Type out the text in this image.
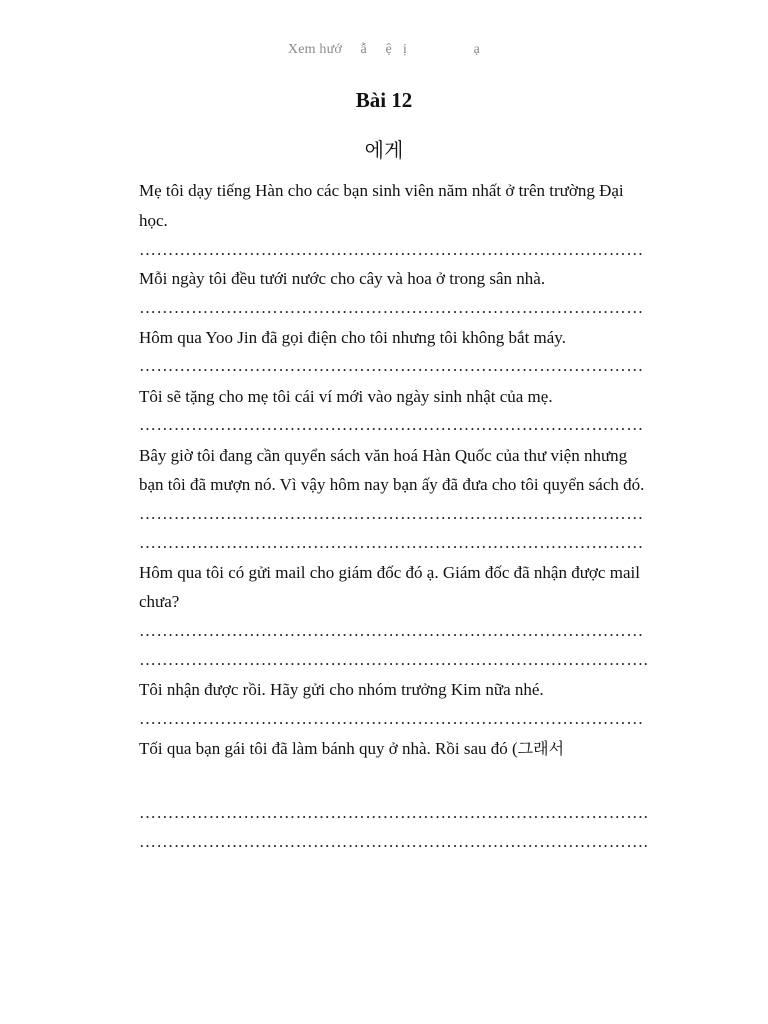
Xem hướ     ẫ     ệ   ị                  ạ
Bài 12
에게
Mẹ tôi dạy tiếng Hàn cho các bạn sinh viên năm nhất ở trên trường Đại
học.
……………………………………………………………………………
Mỗi ngày tôi đều tưới nước cho cây và hoa ở trong sân nhà.
……………………………………………………………………………
Hôm qua Yoo Jin đã gọi điện cho tôi nhưng tôi không bắt máy.
……………………………………………………………………………
Tôi sẽ tặng cho mẹ tôi cái ví mới vào ngày sinh nhật của mẹ.
……………………………………………………………………………
Bây giờ tôi đang cần quyển sách văn hoá Hàn Quốc của thư viện nhưng
bạn tôi đã mượn nó. Vì vậy hôm nay bạn ấy đã đưa cho tôi quyển sách đó.
……………………………………………………………………………
……………………………………………………………………………
Hôm qua tôi có gửi mail cho giám đốc đó ạ. Giám đốc đã nhận được mail
chưa?
……………………………………………………………………………
…………………………………………………………………………….
Tôi nhận được rồi. Hãy gửi cho nhóm trưởng Kim nữa nhé.
……………………………………………………………………………
Tối qua bạn gái tôi đã làm bánh quy ở nhà. Rồi sau đó (그래서
…………………………………………………………………………….
…………………………………………………………………………….
